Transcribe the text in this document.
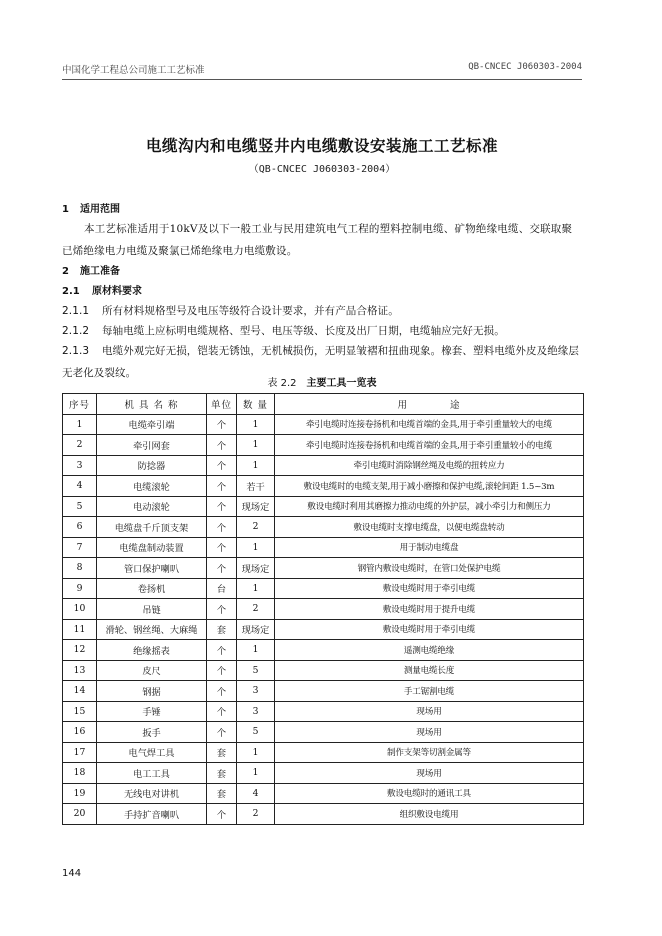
中国化学工程总公司施工工艺标准	QB-CNCEC J060303-2004
电缆沟内和电缆竖井内电缆敷设安装施工工艺标准
（QB-CNCEC J060303-2004）
1 适用范围
本工艺标准适用于10kV及以下一般工业与民用建筑电气工程的塑料控制电缆、矿物绝缘电缆、交联取聚已烯绝缘电力电缆及聚氯已烯绝缘电力电缆敷设。
2 施工准备
2.1 原材料要求
2.1.1 所有材料规格型号及电压等级符合设计要求，并有产品合格证。
2.1.2 每轴电缆上应标明电缆规格、型号、电压等级、长度及出厂日期，电缆轴应完好无损。
2.1.3 电缆外观完好无损，铠装无锈蚀，无机械损伤，无明显皱褶和扭曲现象。橡套、塑料电缆外皮及绝缘层无老化及裂纹。
表 2.2 主要工具一览表
序号	机 具 名 称	单位	数 量	用　　　　途
1	电缆牵引端	个	1	牵引电缆时连接卷扬机和电缆首端的金具,用于牵引重量较大的电缆
2	牵引网套	个	1	牵引电缆时连接卷扬机和电缆首端的金具,用于牵引重量较小的电缆
3	防捻器	个	1	牵引电缆时消除钢丝绳及电缆的扭转应力
4	电缆滚轮	个	若干	敷设电缆时的电缆支架,用于减小磨擦和保护电缆,滚轮间距 1.5~3m
5	电动滚轮	个	现场定	敷设电缆时利用其磨擦力推动电缆的外护层，减小牵引力和侧压力
6	电缆盘千斤顶支架	个	2	敷设电缆时支撑电缆盘，以便电缆盘转动
7	电缆盘制动装置	个	1	用于制动电缆盘
8	管口保护喇叭	个	现场定	钢管内敷设电缆时，在管口处保护电缆
9	卷扬机	台	1	敷设电缆时用于牵引电缆
10	吊链	个	2	敷设电缆时用于提升电缆
11	滑轮、钢丝绳、大麻绳	套	现场定	敷设电缆时用于牵引电缆
12	绝缘摇表	个	1	遥测电缆绝缘
13	皮尺	个	5	测量电缆长度
14	钢据	个	3	手工锯割电缆
15	手锤	个	3	现场用
16	扳手	个	5	现场用
17	电气焊工具	套	1	制作支架等切割金属等
18	电工工具	套	1	现场用
19	无线电对讲机	套	4	敷设电缆时的通讯工具
20	手持扩音喇叭	个	2	组织敷设电缆用
144
